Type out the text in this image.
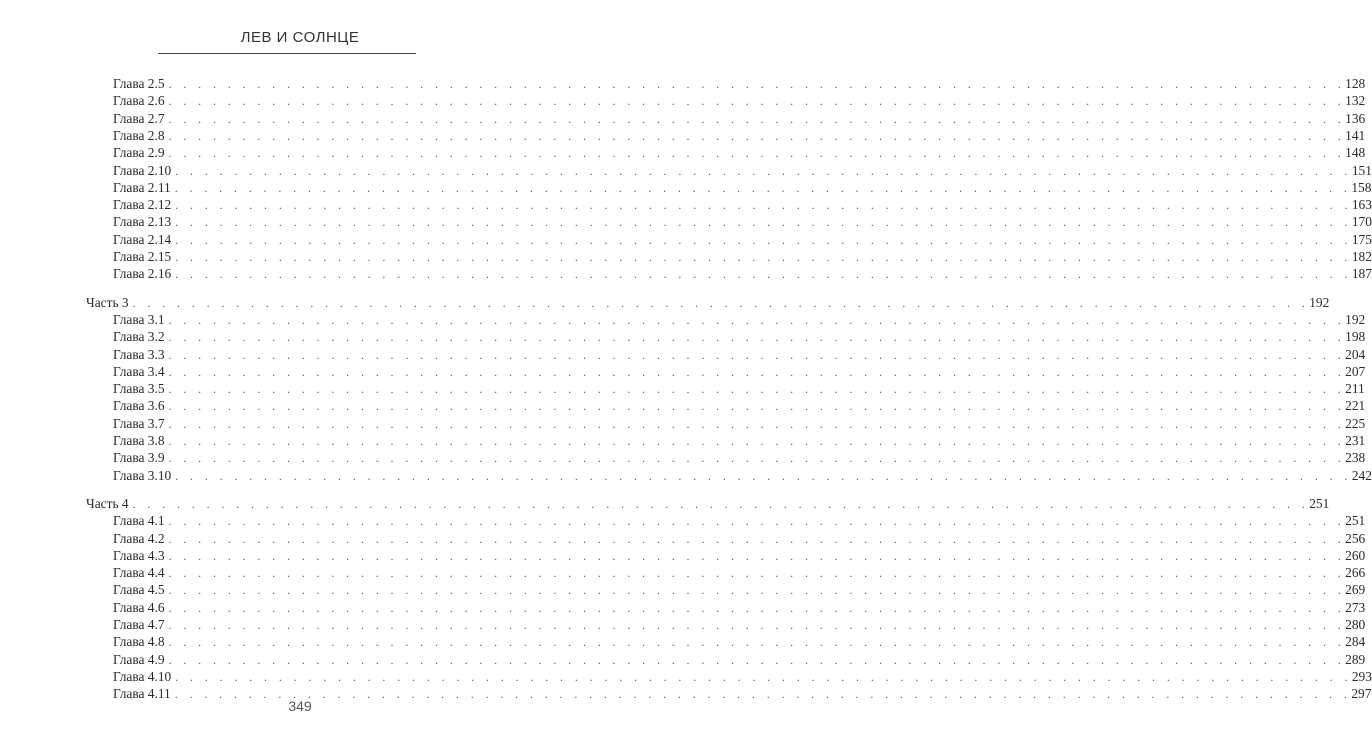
ЛЕВ И СОЛНЦЕ
Глава 2.5 . . . . . . . . . . . . . . . . . . . . . . . . . . . . . . . . . . . . . . . . . . . . . . . . . . . . . . . . . . . . . . . . . . . . . . . . . . . . . . . . 128
Глава 2.6 . . . . . . . . . . . . . . . . . . . . . . . . . . . . . . . . . . . . . . . . . . . . . . . . . . . . . . . . . . . . . . . . . . . . . . . . . . . . . . . . 132
Глава 2.7 . . . . . . . . . . . . . . . . . . . . . . . . . . . . . . . . . . . . . . . . . . . . . . . . . . . . . . . . . . . . . . . . . . . . . . . . . . . . . . . . 136
Глава 2.8 . . . . . . . . . . . . . . . . . . . . . . . . . . . . . . . . . . . . . . . . . . . . . . . . . . . . . . . . . . . . . . . . . . . . . . . . . . . . . . . . 141
Глава 2.9 . . . . . . . . . . . . . . . . . . . . . . . . . . . . . . . . . . . . . . . . . . . . . . . . . . . . . . . . . . . . . . . . . . . . . . . . . . . . . . . . 148
Глава 2.10 . . . . . . . . . . . . . . . . . . . . . . . . . . . . . . . . . . . . . . . . . . . . . . . . . . . . . . . . . . . . . . . . . . . . . . . . . . . . . . . . 151
Глава 2.11 . . . . . . . . . . . . . . . . . . . . . . . . . . . . . . . . . . . . . . . . . . . . . . . . . . . . . . . . . . . . . . . . . . . . . . . . . . . . . . . . 158
Глава 2.12 . . . . . . . . . . . . . . . . . . . . . . . . . . . . . . . . . . . . . . . . . . . . . . . . . . . . . . . . . . . . . . . . . . . . . . . . . . . . . . . . 163
Глава 2.13 . . . . . . . . . . . . . . . . . . . . . . . . . . . . . . . . . . . . . . . . . . . . . . . . . . . . . . . . . . . . . . . . . . . . . . . . . . . . . . . . 170
Глава 2.14 . . . . . . . . . . . . . . . . . . . . . . . . . . . . . . . . . . . . . . . . . . . . . . . . . . . . . . . . . . . . . . . . . . . . . . . . . . . . . . . . 175
Глава 2.15 . . . . . . . . . . . . . . . . . . . . . . . . . . . . . . . . . . . . . . . . . . . . . . . . . . . . . . . . . . . . . . . . . . . . . . . . . . . . . . . . 182
Глава 2.16 . . . . . . . . . . . . . . . . . . . . . . . . . . . . . . . . . . . . . . . . . . . . . . . . . . . . . . . . . . . . . . . . . . . . . . . . . . . . . . . . 187
Часть 3 . . . . . . . . . . . . . . . . . . . . . . . . . . . . . . . . . . . . . . . . . . . . . . . . . . . . . . . . . . . . . . . . . . . . . . . . . . . . . . . . 192
Глава 3.1 . . . . . . . . . . . . . . . . . . . . . . . . . . . . . . . . . . . . . . . . . . . . . . . . . . . . . . . . . . . . . . . . . . . . . . . . . . . . . . . . 192
Глава 3.2 . . . . . . . . . . . . . . . . . . . . . . . . . . . . . . . . . . . . . . . . . . . . . . . . . . . . . . . . . . . . . . . . . . . . . . . . . . . . . . . . 198
Глава 3.3 . . . . . . . . . . . . . . . . . . . . . . . . . . . . . . . . . . . . . . . . . . . . . . . . . . . . . . . . . . . . . . . . . . . . . . . . . . . . . . . . 204
Глава 3.4 . . . . . . . . . . . . . . . . . . . . . . . . . . . . . . . . . . . . . . . . . . . . . . . . . . . . . . . . . . . . . . . . . . . . . . . . . . . . . . . . 207
Глава 3.5 . . . . . . . . . . . . . . . . . . . . . . . . . . . . . . . . . . . . . . . . . . . . . . . . . . . . . . . . . . . . . . . . . . . . . . . . . . . . . . . . 211
Глава 3.6 . . . . . . . . . . . . . . . . . . . . . . . . . . . . . . . . . . . . . . . . . . . . . . . . . . . . . . . . . . . . . . . . . . . . . . . . . . . . . . . . 221
Глава 3.7 . . . . . . . . . . . . . . . . . . . . . . . . . . . . . . . . . . . . . . . . . . . . . . . . . . . . . . . . . . . . . . . . . . . . . . . . . . . . . . . . 225
Глава 3.8 . . . . . . . . . . . . . . . . . . . . . . . . . . . . . . . . . . . . . . . . . . . . . . . . . . . . . . . . . . . . . . . . . . . . . . . . . . . . . . . . 231
Глава 3.9 . . . . . . . . . . . . . . . . . . . . . . . . . . . . . . . . . . . . . . . . . . . . . . . . . . . . . . . . . . . . . . . . . . . . . . . . . . . . . . . . 238
Глава 3.10 . . . . . . . . . . . . . . . . . . . . . . . . . . . . . . . . . . . . . . . . . . . . . . . . . . . . . . . . . . . . . . . . . . . . . . . . . . . . . . . . 242
Часть 4 . . . . . . . . . . . . . . . . . . . . . . . . . . . . . . . . . . . . . . . . . . . . . . . . . . . . . . . . . . . . . . . . . . . . . . . . . . . . . . . . 251
Глава 4.1 . . . . . . . . . . . . . . . . . . . . . . . . . . . . . . . . . . . . . . . . . . . . . . . . . . . . . . . . . . . . . . . . . . . . . . . . . . . . . . . . 251
Глава 4.2 . . . . . . . . . . . . . . . . . . . . . . . . . . . . . . . . . . . . . . . . . . . . . . . . . . . . . . . . . . . . . . . . . . . . . . . . . . . . . . . . 256
Глава 4.3 . . . . . . . . . . . . . . . . . . . . . . . . . . . . . . . . . . . . . . . . . . . . . . . . . . . . . . . . . . . . . . . . . . . . . . . . . . . . . . . . 260
Глава 4.4 . . . . . . . . . . . . . . . . . . . . . . . . . . . . . . . . . . . . . . . . . . . . . . . . . . . . . . . . . . . . . . . . . . . . . . . . . . . . . . . . 266
Глава 4.5 . . . . . . . . . . . . . . . . . . . . . . . . . . . . . . . . . . . . . . . . . . . . . . . . . . . . . . . . . . . . . . . . . . . . . . . . . . . . . . . . 269
Глава 4.6 . . . . . . . . . . . . . . . . . . . . . . . . . . . . . . . . . . . . . . . . . . . . . . . . . . . . . . . . . . . . . . . . . . . . . . . . . . . . . . . . 273
Глава 4.7 . . . . . . . . . . . . . . . . . . . . . . . . . . . . . . . . . . . . . . . . . . . . . . . . . . . . . . . . . . . . . . . . . . . . . . . . . . . . . . . . 280
Глава 4.8 . . . . . . . . . . . . . . . . . . . . . . . . . . . . . . . . . . . . . . . . . . . . . . . . . . . . . . . . . . . . . . . . . . . . . . . . . . . . . . . . 284
Глава 4.9 . . . . . . . . . . . . . . . . . . . . . . . . . . . . . . . . . . . . . . . . . . . . . . . . . . . . . . . . . . . . . . . . . . . . . . . . . . . . . . . . 289
Глава 4.10 . . . . . . . . . . . . . . . . . . . . . . . . . . . . . . . . . . . . . . . . . . . . . . . . . . . . . . . . . . . . . . . . . . . . . . . . . . . . . . . . 293
Глава 4.11 . . . . . . . . . . . . . . . . . . . . . . . . . . . . . . . . . . . . . . . . . . . . . . . . . . . . . . . . . . . . . . . . . . . . . . . . . . . . . . . . 297
349
